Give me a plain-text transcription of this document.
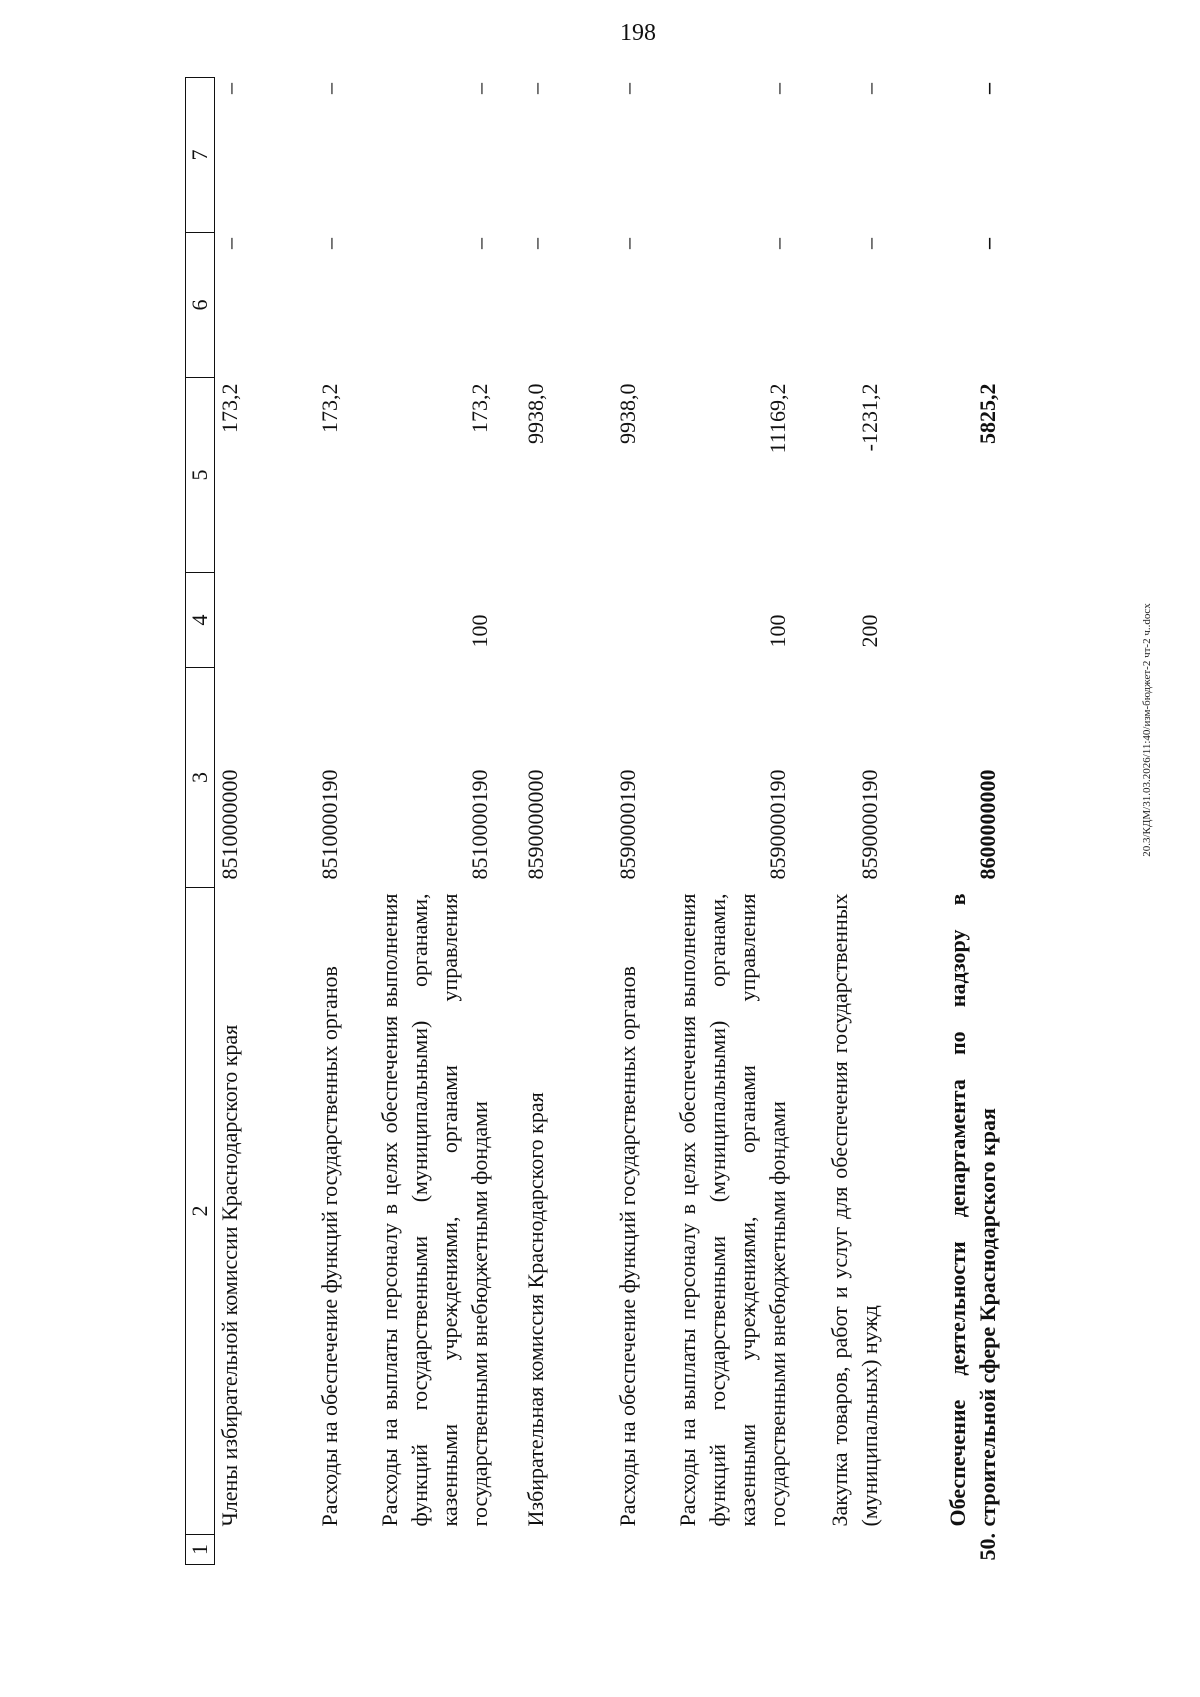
198
20.3/КДМ/31.03.2026/11:40/изм-бюджет-2 чт-2 ч..docx
1	2	3	4	5	6	7
	Члены избирательной комиссии Краснодарского края	8510000000		173,2	–	–
	Расходы на обеспечение функций государственных органов	8510000190		173,2	–	–
	Расходы на выплаты персоналу в целях обеспечения выполнения функций государственными (муниципальными) органами, казенными учреждениями, органами управления государственными внебюджетными фондами	8510000190	100	173,2	–	–
	Избирательная комиссия Краснодарского края	8590000000		9938,0	–	–
	Расходы на обеспечение функций государственных органов	8590000190		9938,0	–	–
	Расходы на выплаты персоналу в целях обеспечения выполнения функций государственными (муниципальными) органами, казенными учреждениями, органами управления государственными внебюджетными фондами	8590000190	100	11169,2	–	–
	Закупка товаров, работ и услуг для обеспечения государственных (муниципальных) нужд	8590000190	200	-1231,2	–	–
50.	Обеспечение деятельности департамента по надзору в строительной сфере Краснодарского края	8600000000		5825,2	–	–
